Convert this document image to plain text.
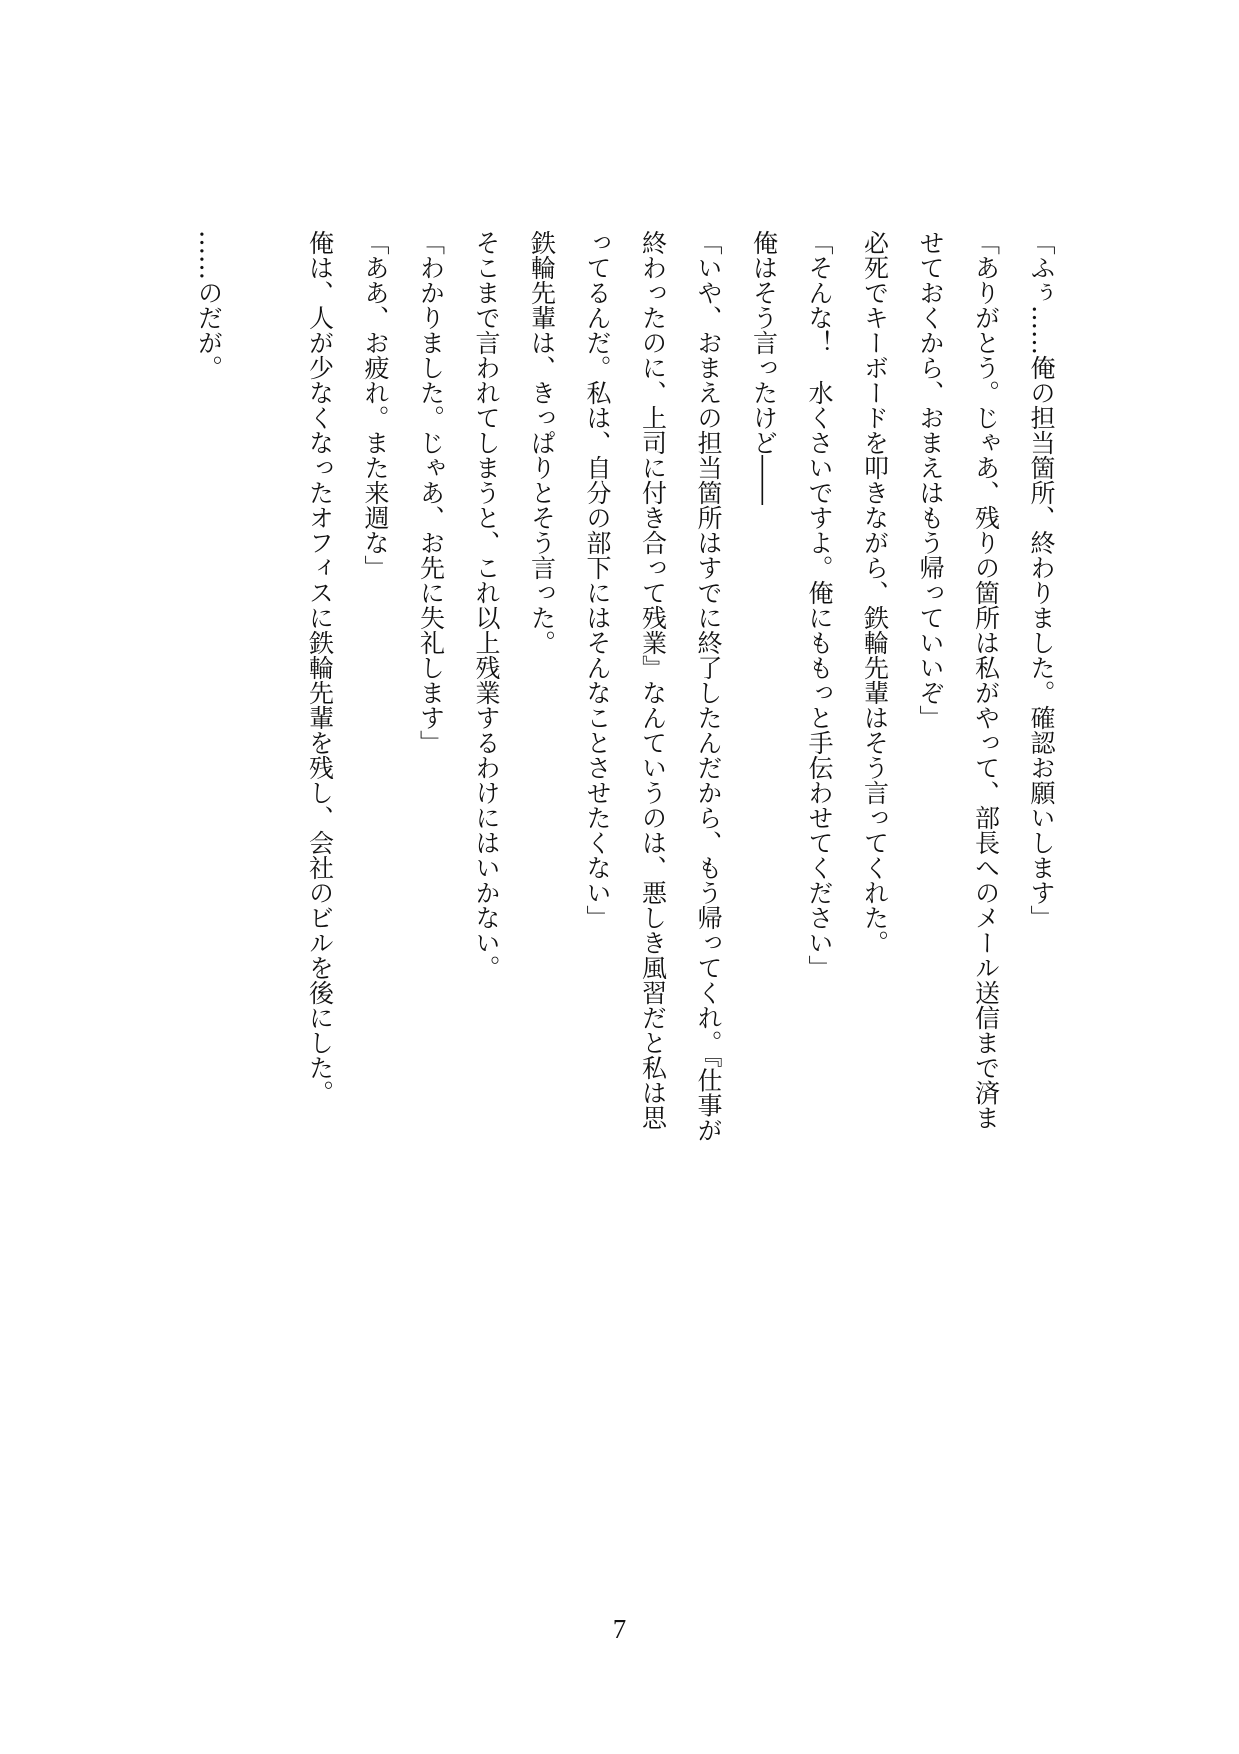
「ふぅ……俺の担当箇所、終わりました。確認お願いします」
「ありがとう。じゃあ、残りの箇所は私がやって、部長へのメール送信まで済ま
せておくから、おまえはもう帰っていいぞ」
必死でキーボードを叩きながら、鉄輪先輩はそう言ってくれた。
「そんな！　水くさいですよ。俺にももっと手伝わせてください」
俺はそう言ったけど――
「いや、おまえの担当箇所はすでに終了したんだから、もう帰ってくれ。『仕事が
終わったのに、上司に付き合って残業』なんていうのは、悪しき風習だと私は思
ってるんだ。私は、自分の部下にはそんなことさせたくない」
鉄輪先輩は、きっぱりとそう言った。
そこまで言われてしまうと、これ以上残業するわけにはいかない。
「わかりました。じゃあ、お先に失礼します」
「ああ、お疲れ。また来週な」
俺は、人が少なくなったオフィスに鉄輪先輩を残し、会社のビルを後にした。
……のだが。
7
